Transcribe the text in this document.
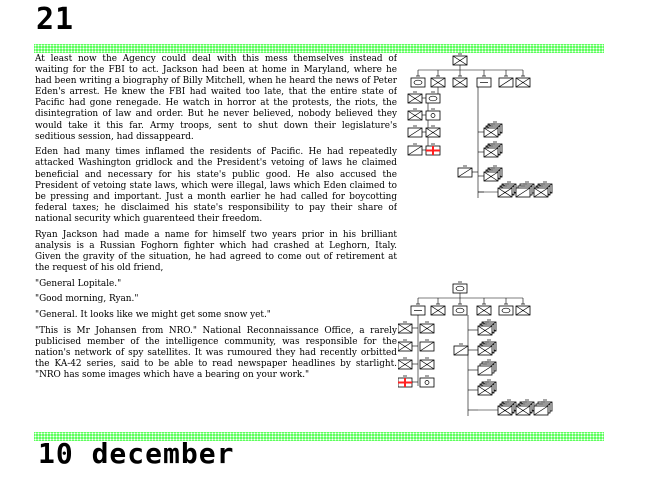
21
10 december

At least now the Agency could deal with this mess themselves instead of waiting for the FBI to act. Jackson had been at home in Maryland, where he had been writing a biography of Billy Mitchell, when he heard the news of Peter Eden's arrest. He knew the FBI had waited too late, that the entire state of Pacific had gone renegade. He watch in horror at the protests, the riots, the disintegration of law and order. But he never believed, nobody believed they would take it this far. Army troops, sent to shut down their legislature's seditious session, had dissappeard.

Eden had many times inflamed the residents of Pacific. He had repeatedly attacked Washington gridlock and the President's vetoing of laws he claimed beneficial and necessary for his state's public good. He also accused the President of vetoing state laws, which were illegal, laws which Eden claimed to be pressing and important. Just a month earlier he had called for boycotting federal taxes; he disclaimed his state's responsibility to pay their share of national security which guarenteed their freedom.

Ryan Jackson had made a name for himself two years prior in his brilliant analysis is a Russian Foghorn fighter which had crashed at Leghorn, Italy. Given the gravity of the situation, he had agreed to come out of retirement at the request of his old friend,

"General Lopitale."

"Good morning, Ryan."

"General. It looks like we might get some snow yet."

"This is Mr Johansen from NRO." National Reconnaissance Office, a rarely publicised member of the intelligence community, was responsible for the nation's network of spy satellites. It was rumoured they had recently orbitted the KA-42 series, said to be able to read newspaper headlines by starlight. "NRO has some images which have a bearing on your work."
